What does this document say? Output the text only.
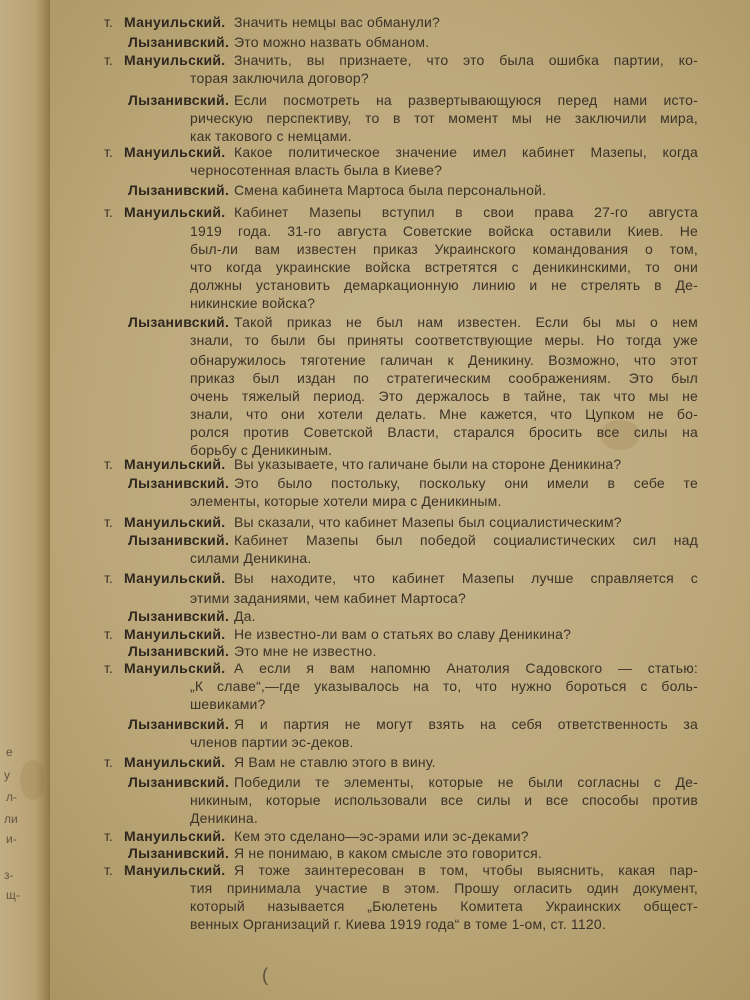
т. Мануильский. Значить немцы вас обманули?
Лызанивский. Это можно назвать обманом.
т. Мануильский. Значить, вы признаете, что это была ошибка партии, ко-
торая заключила договор?
Лызанивский. Если посмотреть на развертывающуюся перед нами исто-
рическую перспективу, то в тот момент мы не заключили мира,
как такового с немцами.
т. Мануильский. Какое политическое значение имел кабинет Мазепы, когда
черносотенная власть была в Киеве?
Лызанивский. Смена кабинета Мартоса была персональной.
т. Мануильский. Кабинет Мазепы вступил в свои права 27-го августа
1919 года. 31-го августа Советские войска оставили Киев. Не
был-ли вам известен приказ Украинского командования о том,
что когда украинские войска встретятся с деникинскими, то они
должны установить демаркационную линию и не стрелять в Де-
никинские войска?
Лызанивский. Такой приказ не был нам известен. Если бы мы о нем
знали, то были бы приняты соответствующие меры. Но тогда уже
обнаружилось тяготение галичан к Деникину. Возможно, что этот
приказ был издан по стратегическим соображениям. Это был
очень тяжелый период. Это держалось в тайне, так что мы не
знали, что они хотели делать. Мне кажется, что Цупком не бо-
ролся против Советской Власти, старался бросить все силы на
борьбу с Деникиным.
т. Мануильский. Вы указываете, что галичане были на стороне Деникина?
Лызанивский. Это было постольку, поскольку они имели в себе те
элементы, которые хотели мира с Деникиным.
т. Мануильский. Вы сказали, что кабинет Мазепы был социалистическим?
Лызанивский. Кабинет Мазепы был победой социалистических сил над
силами Деникина.
т. Мануильский. Вы находите, что кабинет Мазепы лучше справляется с
этими заданиями, чем кабинет Мартоса?
Лызанивский. Да.
т. Мануильский. Не известно-ли вам о статьях во славу Деникина?
Лызанивский. Это мне не известно.
т. Мануильский. А если я вам напомню Анатолия Садовского — статью:
„К славе“,—где указывалось на то, что нужно бороться с боль-
шевиками?
Лызанивский. Я и партия не могут взять на себя ответственность за
членов партии эс-деков.
т. Мануильский. Я Вам не ставлю этого в вину.
Лызанивский. Победили те элементы, которые не были согласны с Де-
никиным, которые использовали все силы и все способы против
Деникина.
т. Мануильский. Кем это сделано—эс-эрами или эс-деками?
Лызанивский. Я не понимаю, в каком смысле это говорится.
т. Мануильский. Я тоже заинтересован в том, чтобы выяснить, какая пар-
тия принимала участие в этом. Прошу огласить один документ,
который называется „Бюлетень Комитета Украинских общест-
венных Организаций г. Киева 1919 года“ в томе 1-ом, ст. 1120.
е
у
л-
ли
и-
з-
щ-
(
